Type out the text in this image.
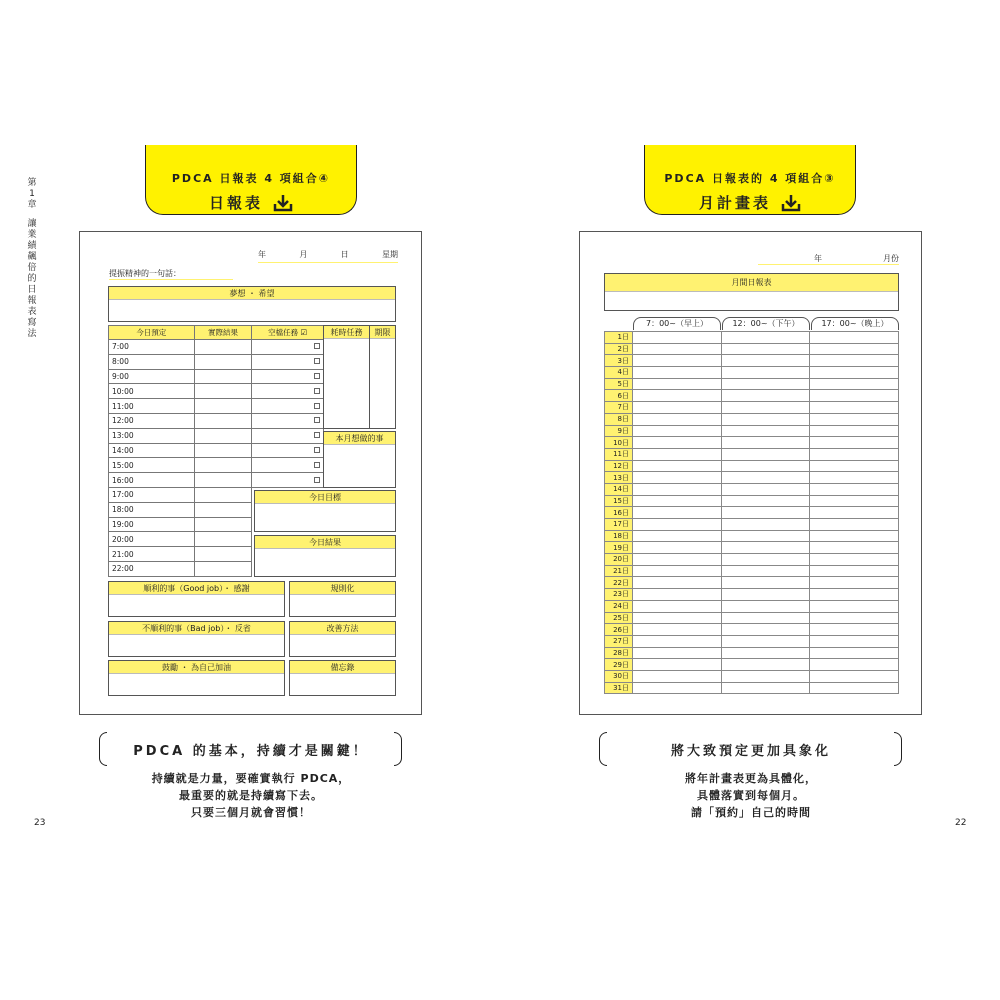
第
1
章
讓
業
績
飆
倍
的
日
報
表
寫
法
PDCA 日報表 4 項組合④
日報表
PDCA 日報表的 4 項組合③
月計畫表
年	月	日	星期
提振精神的一句話：
夢想 ・ 希望
今日預定	實際結果	空檔任務 ☑
7:00		
8:00		
9:00		
10:00		
11:00		
12:00		
13:00		
14:00		
15:00		
16:00		
17:00		
18:00		
19:00		
20:00		
21:00		
22:00		
耗時任務	期限
本月想做的事
今日目標
今日結果
順利的事（Good job）・ 感謝	規則化
不順利的事（Bad job）・ 反省	改善方法
鼓勵 ・ 為自己加油	備忘錄
年	月份
月間日報表
7：00~（早上）	12：00~（下午）	17：00~（晚上）
1日			
2日			
3日			
4日			
5日			
6日			
7日			
8日			
9日			
10日			
11日			
12日			
13日			
14日			
15日			
16日			
17日			
18日			
19日			
20日			
21日			
22日			
23日			
24日			
25日			
26日			
27日			
28日			
29日			
30日			
31日			
PDCA 的基本，持續才是關鍵！
持續就是力量，要確實執行 PDCA，
最重要的就是持續寫下去。
只要三個月就會習慣！
將大致預定更加具象化
將年計畫表更為具體化，
具體落實到每個月。
請「預約」自己的時間
23	22
